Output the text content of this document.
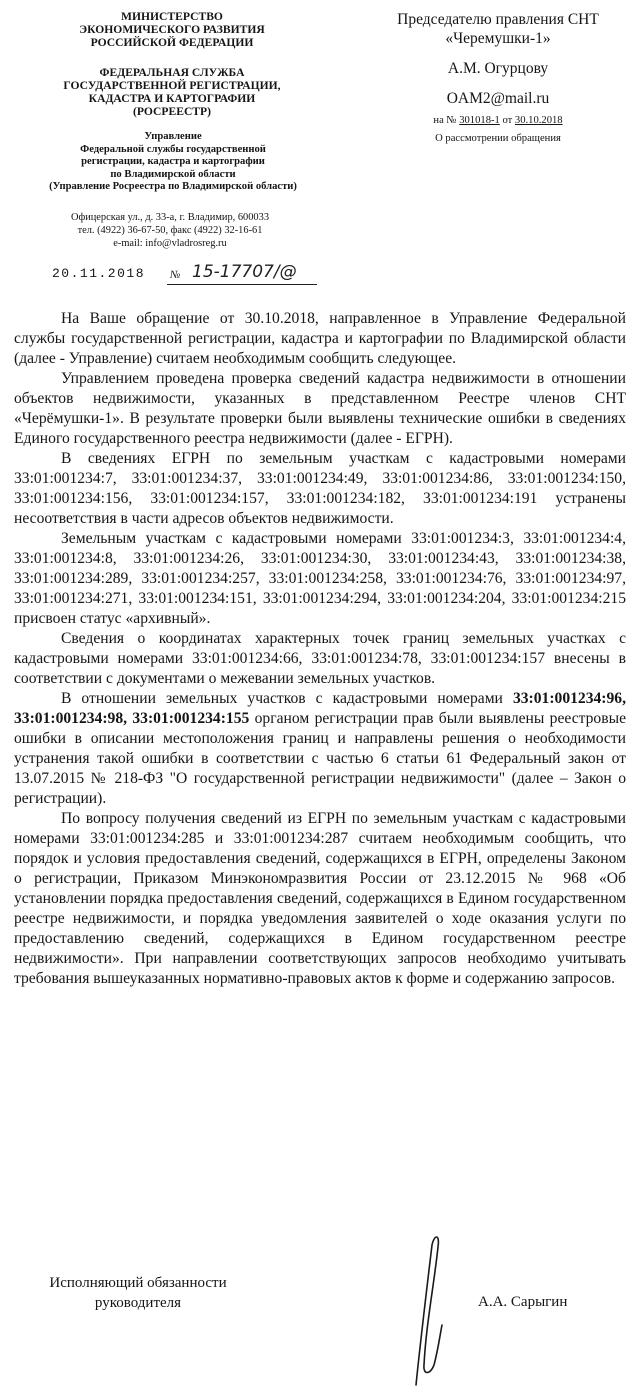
МИНИСТЕРСТВО
ЭКОНОМИЧЕСКОГО РАЗВИТИЯ
РОССИЙСКОЙ ФЕДЕРАЦИИ
ФЕДЕРАЛЬНАЯ СЛУЖБА
ГОСУДАРСТВЕННОЙ РЕГИСТРАЦИИ,
КАДАСТРА И КАРТОГРАФИИ
(РОСРЕЕСТР)
Управление
Федеральной службы государственной
регистрации, кадастра и картографии
по Владимирской области
(Управление Росреестра по Владимирской области)
Офицерская ул., д. 33-а, г. Владимир, 600033
тел. (4922) 36-67-50, факс (4922) 32-16-61
e-mail: info@vladrosreg.ru
20.11.2018 № 15-17707/@
Председателю правления СНТ
«Черемушки-1»
А.М. Огурцову
OAM2@mail.ru
на № 301018-1 от 30.10.2018
О рассмотрении обращения

На Ваше обращение от 30.10.2018, направленное в Управление Федеральной службы государственной регистрации, кадастра и картографии по Владимирской области (далее - Управление) считаем необходимым сообщить следующее.

Управлением проведена проверка сведений кадастра недвижимости в отношении объектов недвижимости, указанных в представленном Реестре членов СНТ «Черёмушки-1». В результате проверки были выявлены технические ошибки в сведениях Единого государственного реестра недвижимости (далее - ЕГРН).

В сведениях ЕГРН по земельным участкам с кадастровыми номерами 33:01:001234:7, 33:01:001234:37, 33:01:001234:49, 33:01:001234:86, 33:01:001234:150, 33:01:001234:156, 33:01:001234:157, 33:01:001234:182, 33:01:001234:191 устранены несоответствия в части адресов объектов недвижимости.

Земельным участкам с кадастровыми номерами 33:01:001234:3, 33:01:001234:4, 33:01:001234:8, 33:01:001234:26, 33:01:001234:30, 33:01:001234:43, 33:01:001234:38, 33:01:001234:289, 33:01:001234:257, 33:01:001234:258, 33:01:001234:76, 33:01:001234:97, 33:01:001234:271, 33:01:001234:151, 33:01:001234:294, 33:01:001234:204, 33:01:001234:215 присвоен статус «архивный».

Сведения о координатах характерных точек границ земельных участках с кадастровыми номерами 33:01:001234:66, 33:01:001234:78, 33:01:001234:157 внесены в соответствии с документами о межевании земельных участков.

В отношении земельных участков с кадастровыми номерами 33:01:001234:96, 33:01:001234:98, 33:01:001234:155 органом регистрации прав были выявлены реестровые ошибки в описании местоположения границ и направлены решения о необходимости устранения такой ошибки в соответствии с частью 6 статьи 61 Федеральный закон от 13.07.2015 № 218-ФЗ "О государственной регистрации недвижимости" (далее – Закон о регистрации).

По вопросу получения сведений из ЕГРН по земельным участкам с кадастровыми номерами 33:01:001234:285 и 33:01:001234:287 считаем необходимым сообщить, что порядок и условия предоставления сведений, содержащихся в ЕГРН, определены Законом о регистрации, Приказом Минэкономразвития России от 23.12.2015 № 968 «Об установлении порядка предоставления сведений, содержащихся в Едином государственном реестре недвижимости, и порядка уведомления заявителей о ходе оказания услуги по предоставлению сведений, содержащихся в Едином государственном реестре недвижимости». При направлении соответствующих запросов необходимо учитывать требования вышеуказанных нормативно-правовых актов к форме и содержанию запросов.

Исполняющий обязанности
руководителя	А.А. Сарыгин
